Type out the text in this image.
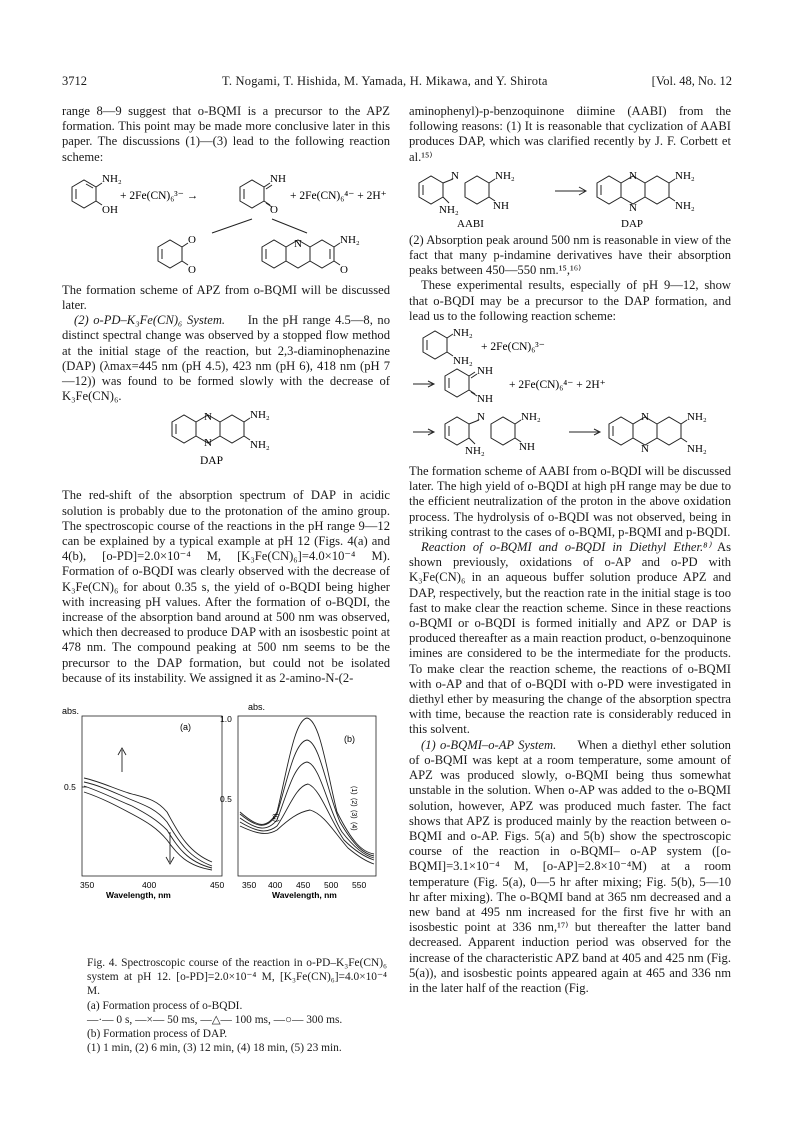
3712	T. Nogami, T. Hishida, M. Yamada, H. Mikawa, and Y. Shirota	[Vol. 48, No. 12

range 8—9 suggest that o-BQMI is a precursor to the APZ formation. This point may be made more conclusive later in this paper. The discussions (1)—(3) lead to the following reaction scheme:

NH₂
OH
+ 2Fe(CN)₆³⁻ →
NH
O
+ 2Fe(CN)₆⁴⁻ + 2H⁺
O
O
N	NH₂
O

The formation scheme of APZ from o-BQMI will be discussed later.

(2) o-PD–K₃Fe(CN)₆ System. In the pH range 4.5—8, no distinct spectral change was observed by a stopped flow method at the initial stage of the reaction, but 2,3-diaminophenazine (DAP) (λmax=445 nm (pH 4.5), 423 nm (pH 6), 418 nm (pH 7—12)) was found to be formed slowly with the decrease of K₃Fe(CN)₆.

N
N
NH₂
NH₂
DAP

The red-shift of the absorption spectrum of DAP in acidic solution is probably due to the protonation of the amino group. The spectroscopic course of the reactions in the pH range 9—12 can be explained by a typical example at pH 12 (Figs. 4(a) and 4(b), [o-PD]=2.0×10⁻⁴ M, [K₃Fe(CN)₆]=4.0×10⁻⁴ M). Formation of o-BQDI was clearly observed with the decrease of K₃Fe(CN)₆ for about 0.35 s, the yield of o-BQDI being higher with increasing pH values. After the formation of o-BQDI, the increase of the absorption band around at 500 nm was observed, which then decreased to produce DAP with an isosbestic point at 478 nm. The compound peaking at 500 nm seems to be the precursor to the DAP formation, but could not be isolated because of its instability. We assigned it as 2-amino-N-(2-

abs.
(a)
0.5
350	400	450
Wavelength, nm
abs.
(b)
1.0
0.5
350 400 450 500 550
Wavelength, nm
(1)
(2)
(3)
(4)
(5)

Fig. 4. Spectroscopic course of the reaction in o-PD–K₃Fe(CN)₆ system at pH 12. [o-PD]=2.0×10⁻⁴ M, [K₃Fe(CN)₆]=4.0×10⁻⁴ M.

(a) Formation process of o-BQDI.

—·— 0 s, —×— 50 ms, —△— 100 ms, —○— 300 ms.

(b) Formation process of DAP.

(1) 1 min, (2) 6 min, (3) 12 min, (4) 18 min, (5) 23 min.

aminophenyl)-p-benzoquinone diimine (AABI) from the following reasons: (1) It is reasonable that cyclization of AABI produces DAP, which was clarified recently by J. F. Corbett et al.¹⁵⁾

N	NH₂
NH₂	NH
AABI
N
N
NH₂
NH₂
DAP

(2) Absorption peak around 500 nm is reasonable in view of the fact that many p-indamine derivatives have their absorption peaks between 450—550 nm.¹⁵,¹⁶⁾

These experimental results, especially of pH 9—12, show that o-BQDI may be a precursor to the DAP formation, and lead us to the following reaction scheme:

NH₂
NH₂
+ 2Fe(CN)₆³⁻
NH
NH
+ 2Fe(CN)₆⁴⁻ + 2H⁺
N	NH₂
NH₂	NH
N
N
NH₂
NH₂

The formation scheme of AABI from o-BQDI will be discussed later. The high yield of o-BQDI at high pH range may be due to the efficient neutralization of the proton in the above oxidation process. The hydrolysis of o-BQDI was not observed, being in striking contrast to the cases of o-BQMI, p-BQMI and p-BQDI.

Reaction of o-BQMI and o-BQDI in Diethyl Ether.⁸⁾ As shown previously, oxidations of o-AP and o-PD with K₃Fe(CN)₆ in an aqueous buffer solution produce APZ and DAP, respectively, but the reaction rate in the initial stage is too fast to make clear the reaction scheme. Since in these reactions o-BQMI or o-BQDI is formed initially and APZ or DAP is produced thereafter as a main reaction product, o-benzoquinone imines are considered to be the intermediate for the products. To make clear the reaction scheme, the reactions of o-BQMI with o-AP and that of o-BQDI with o-PD were investigated in diethyl ether by measuring the change of the absorption spectra with time, because the reaction rate is considerably reduced in this solvent.

(1) o-BQMI–o-AP System. When a diethyl ether solution of o-BQMI was kept at a room temperature, some amount of APZ was produced slowly, o-BQMI being thus somewhat unstable in the solution. When o-AP was added to the o-BQMI solution, however, APZ was produced much faster. The fact shows that APZ is produced mainly by the reaction between o-BQMI and o-AP. Figs. 5(a) and 5(b) show the spectroscopic course of the reaction in o-BQMI– o-AP system ([o-BQMI]=3.1×10⁻⁴ M, [o-AP]=2.8×10⁻⁴M) at a room temperature (Fig. 5(a), 0—5 hr after mixing; Fig. 5(b), 5—10 hr after mixing). The o-BQMI band at 365 nm decreased and a new band at 495 nm increased for the first five hr with an isosbestic point at 336 nm,¹⁷⁾ but thereafter the latter band decreased. Apparent induction period was observed for the increase of the characteristic APZ band at 405 and 425 nm (Fig. 5(a)), and isosbestic points appeared again at 465 and 336 nm in the later half of the reaction (Fig.
